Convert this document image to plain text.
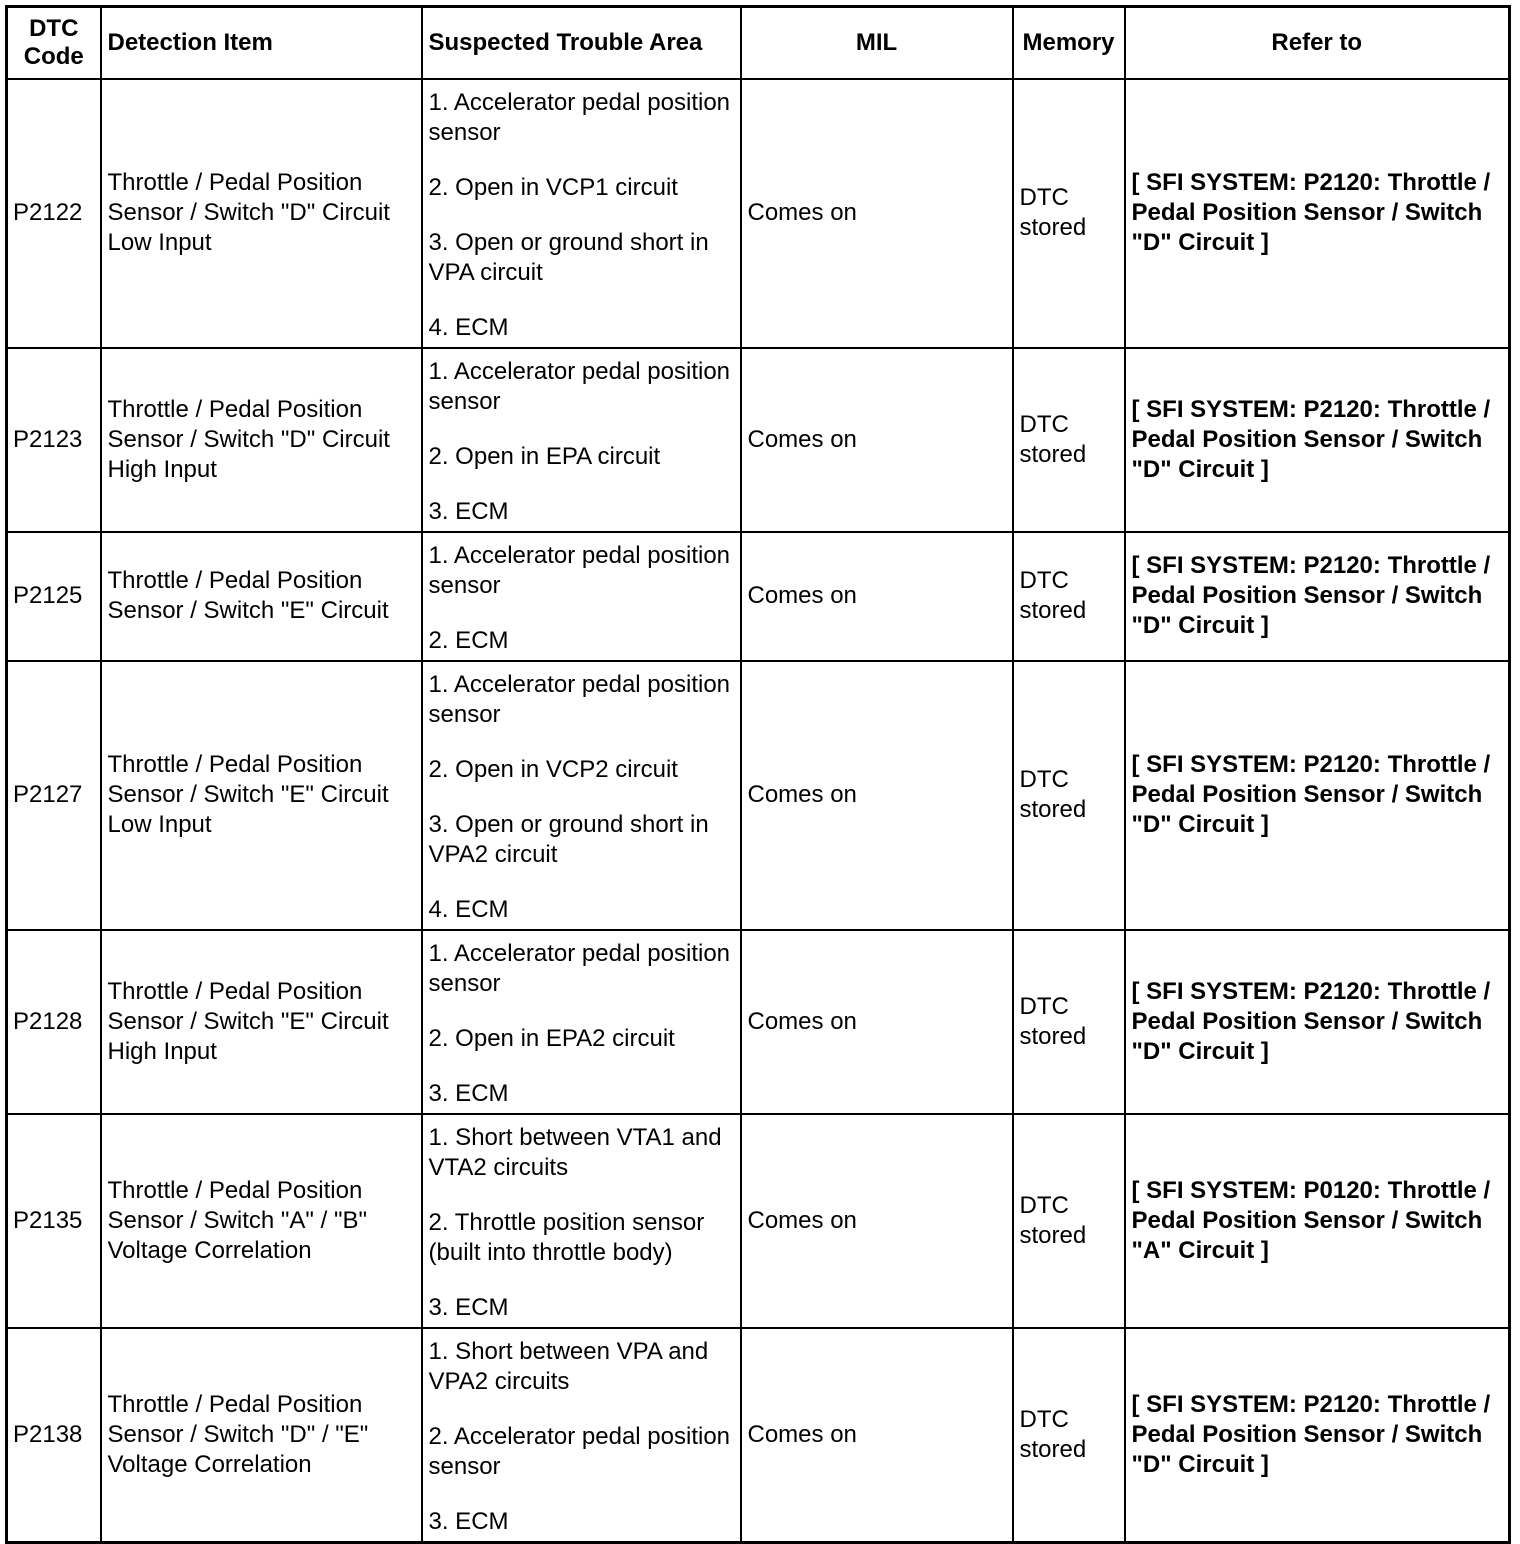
DTC Code	Detection Item	Suspected Trouble Area	MIL	Memory	Refer to
P2122	Throttle / Pedal Position Sensor / Switch "D" Circuit Low Input	1. Accelerator pedal position sensor
2. Open in VCP1 circuit
3. Open or ground short in VPA circuit
4. ECM	Comes on	DTC stored	[ SFI SYSTEM: P2120: Throttle / Pedal Position Sensor / Switch "D" Circuit ]
P2123	Throttle / Pedal Position Sensor / Switch "D" Circuit High Input	1. Accelerator pedal position sensor
2. Open in EPA circuit
3. ECM	Comes on	DTC stored	[ SFI SYSTEM: P2120: Throttle / Pedal Position Sensor / Switch "D" Circuit ]
P2125	Throttle / Pedal Position Sensor / Switch "E" Circuit	1. Accelerator pedal position sensor
2. ECM	Comes on	DTC stored	[ SFI SYSTEM: P2120: Throttle / Pedal Position Sensor / Switch "D" Circuit ]
P2127	Throttle / Pedal Position Sensor / Switch "E" Circuit Low Input	1. Accelerator pedal position sensor
2. Open in VCP2 circuit
3. Open or ground short in VPA2 circuit
4. ECM	Comes on	DTC stored	[ SFI SYSTEM: P2120: Throttle / Pedal Position Sensor / Switch "D" Circuit ]
P2128	Throttle / Pedal Position Sensor / Switch "E" Circuit High Input	1. Accelerator pedal position sensor
2. Open in EPA2 circuit
3. ECM	Comes on	DTC stored	[ SFI SYSTEM: P2120: Throttle / Pedal Position Sensor / Switch "D" Circuit ]
P2135	Throttle / Pedal Position Sensor / Switch "A" / "B" Voltage Correlation	1. Short between VTA1 and VTA2 circuits
2. Throttle position sensor (built into throttle body)
3. ECM	Comes on	DTC stored	[ SFI SYSTEM: P0120: Throttle / Pedal Position Sensor / Switch "A" Circuit ]
P2138	Throttle / Pedal Position Sensor / Switch "D" / "E" Voltage Correlation	1. Short between VPA and VPA2 circuits
2. Accelerator pedal position sensor
3. ECM	Comes on	DTC stored	[ SFI SYSTEM: P2120: Throttle / Pedal Position Sensor / Switch "D" Circuit ]
